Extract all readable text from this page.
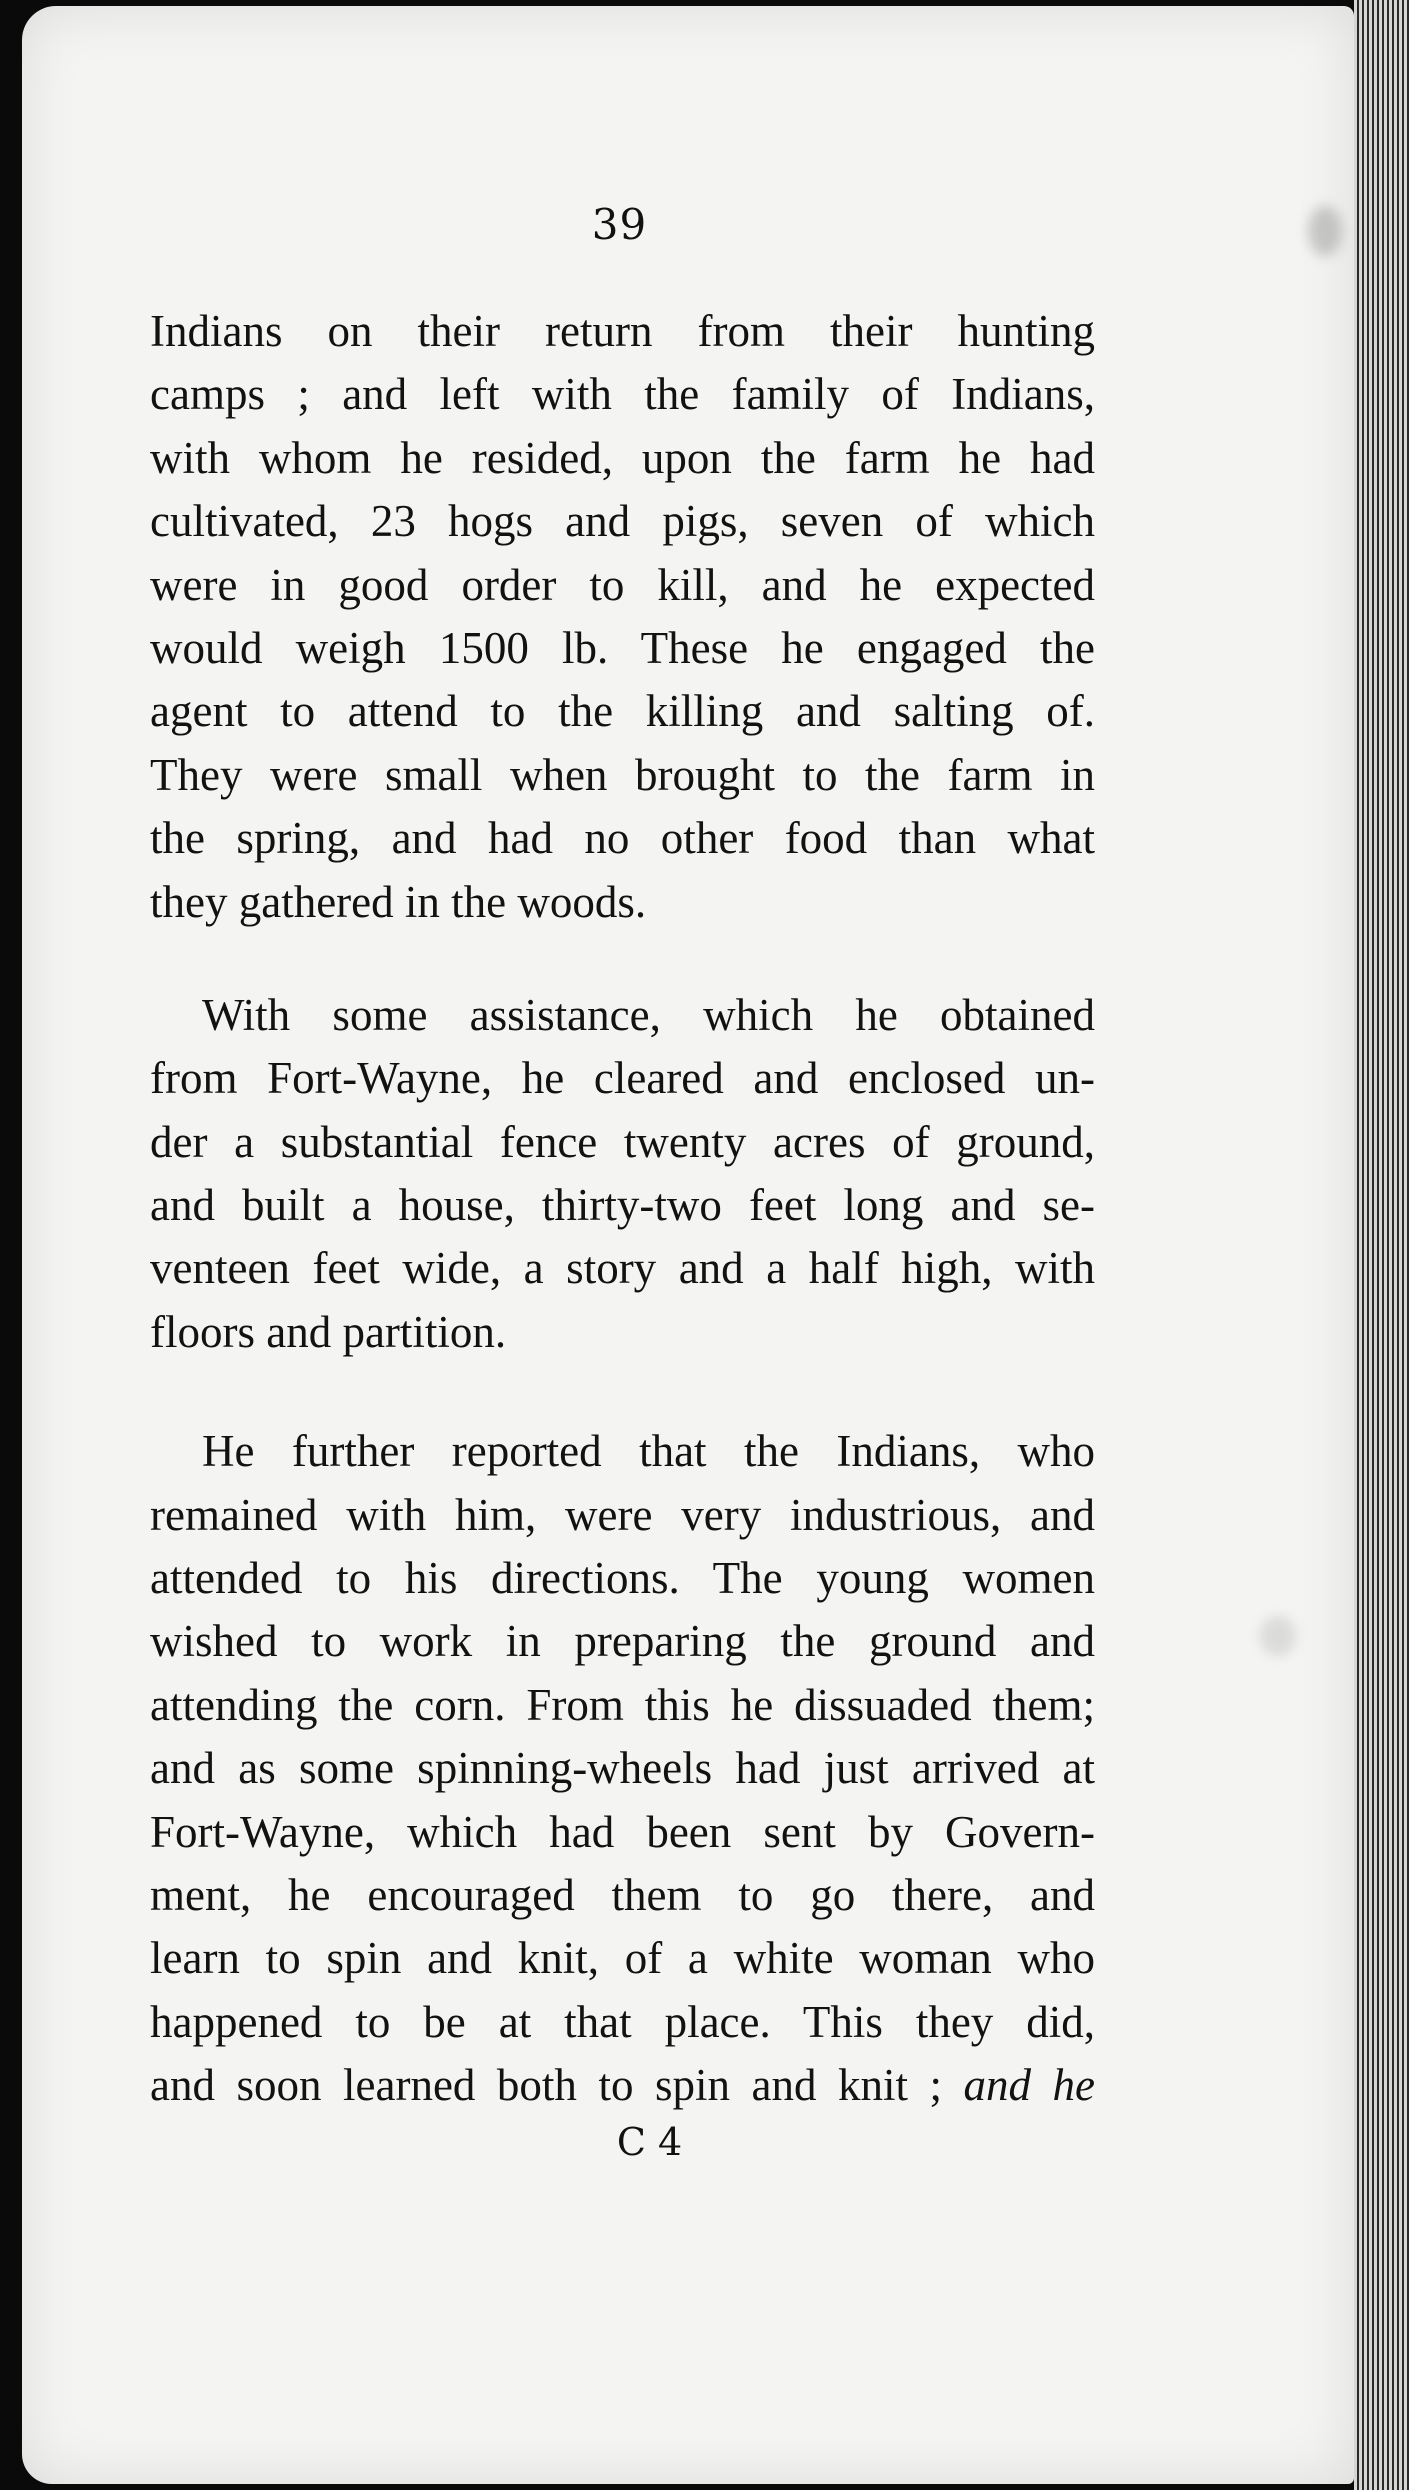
39
Indians on their return from their hunting
camps ; and left with the family of Indians,
with whom he resided, upon the farm he had
cultivated, 23 hogs and pigs, seven of which
were in good order to kill, and he expected
would weigh 1500 lb. These he engaged the
agent to attend to the killing and salting of.
They were small when brought to the farm in
the spring, and had no other food than what
they gathered in the woods.
With some assistance, which he obtained
from Fort-Wayne, he cleared and enclosed un-
der a substantial fence twenty acres of ground,
and built a house, thirty-two feet long and se-
venteen feet wide, a story and a half high, with
floors and partition.
He further reported that the Indians, who
remained with him, were very industrious, and
attended to his directions. The young women
wished to work in preparing the ground and
attending the corn. From this he dissuaded them;
and as some spinning-wheels had just arrived at
Fort-Wayne, which had been sent by Govern-
ment, he encouraged them to go there, and
learn to spin and knit, of a white woman who
happened to be at that place. This they did,
and soon learned both to spin and knit ; and he
C 4
